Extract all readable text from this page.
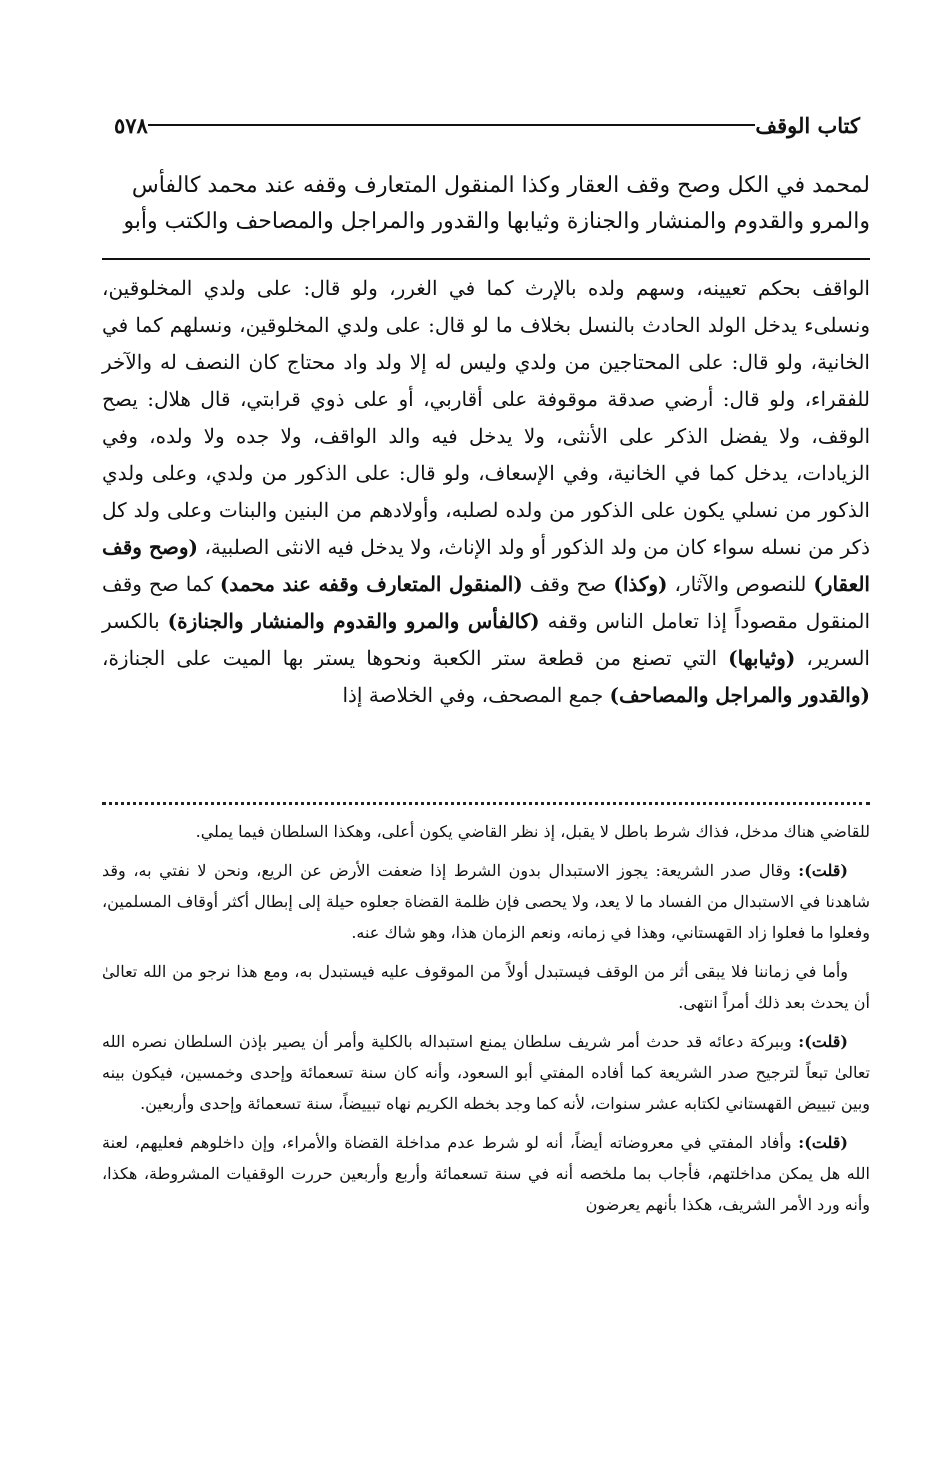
كتاب الوقف
٥٧٨

لمحمد في الكل وصح وقف العقار وكذا المنقول المتعارف وقفه عند محمد كالفأس

والمرو والقدوم والمنشار والجنازة وثيابها والقدور والمراجل والمصاحف والكتب وأبو

الواقف بحكم تعيينه، وسهم ولده بالإرث كما في الغرر، ولو قال: على ولدي المخلوقين، ونسلىء يدخل الولد الحادث بالنسل بخلاف ما لو قال: على ولدي المخلوقين، ونسلهم كما في الخانية، ولو قال: على المحتاجين من ولدي وليس له إلا ولد واد محتاج كان النصف له والآخر للفقراء، ولو قال: أرضي صدقة موقوفة على أقاربي، أو على ذوي قرابتي، قال هلال: يصح الوقف، ولا يفضل الذكر على الأنثى، ولا يدخل فيه والد الواقف، ولا جده ولا ولده، وفي الزيادات، يدخل كما في الخانية، وفي الإسعاف، ولو قال: على الذكور من ولدي، وعلى ولدي الذكور من نسلي يكون على الذكور من ولده لصلبه، وأولادهم من البنين والبنات وعلى ولد كل ذكر من نسله سواء كان من ولد الذكور أو ولد الإناث، ولا يدخل فيه الانثى الصلبية، (وصح وقف العقار) للنصوص والآثار، (وكذا) صح وقف (المنقول المتعارف وقفه عند محمد) كما صح وقف المنقول مقصوداً إذا تعامل الناس وقفه (كالفأس والمرو والقدوم والمنشار والجنازة) بالكسر السرير، (وثيابها) التي تصنع من قطعة ستر الكعبة ونحوها يستر بها الميت على الجنازة، (والقدور والمراجل والمصاحف) جمع المصحف، وفي الخلاصة إذا

للقاضي هناك مدخل، فذاك شرط باطل لا يقبل، إذ نظر القاضي يكون أعلى، وهكذا السلطان فيما يملي.

(قلت): وقال صدر الشريعة: يجوز الاستبدال بدون الشرط إذا ضعفت الأرض عن الريع، ونحن لا نفتي به، وقد شاهدنا في الاستبدال من الفساد ما لا يعد، ولا يحصى فإن ظلمة القضاة جعلوه حيلة إلى إبطال أكثر أوقاف المسلمين، وفعلوا ما فعلوا زاد القهستاني، وهذا في زمانه، ونعم الزمان هذا، وهو شاك عنه.

وأما في زماننا فلا يبقى أثر من الوقف فيستبدل أولاً من الموقوف عليه فيستبدل به، ومع هذا نرجو من الله تعالىٰ أن يحدث بعد ذلك أمراً انتهى.

(قلت): وببركة دعائه قد حدث أمر شريف سلطان يمنع استبداله بالكلية وأمر أن يصير بإذن السلطان نصره الله تعالىٰ تبعاً لترجيح صدر الشريعة كما أفاده المفتي أبو السعود، وأنه كان سنة تسعمائة وإحدى وخمسين، فيكون بينه وبين تبييض القهستاني لكتابه عشر سنوات، لأنه كما وجد بخطه الكريم نهاه تبييضاً، سنة تسعمائة وإحدى وأربعين.

(قلت): وأفاد المفتي في معروضاته أيضاً، أنه لو شرط عدم مداخلة القضاة والأمراء، وإن داخلوهم فعليهم، لعنة الله هل يمكن مداخلتهم، فأجاب بما ملخصه أنه في سنة تسعمائة وأربع وأربعين حررت الوقفيات المشروطة، هكذا، وأنه ورد الأمر الشريف، هكذا بأنهم يعرضون
